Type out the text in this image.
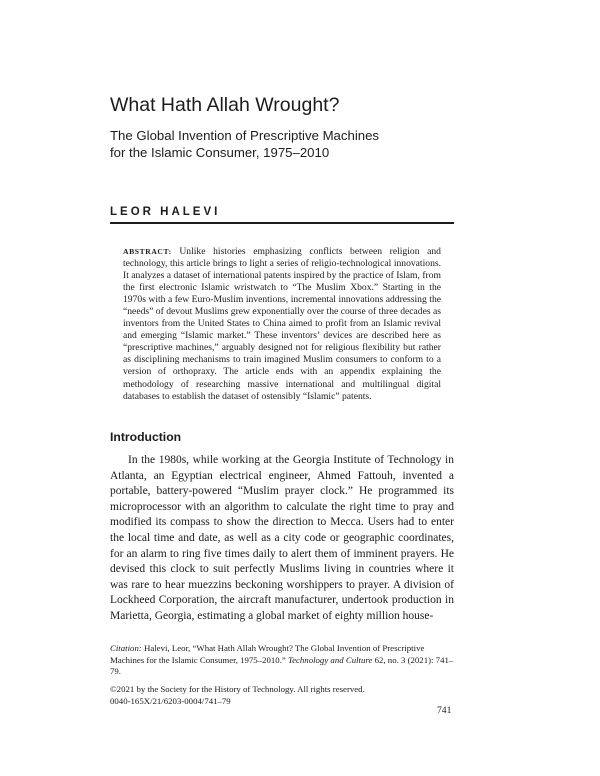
What Hath Allah Wrought?
The Global Invention of Prescriptive Machines
for the Islamic Consumer, 1975–2010
LEOR HALEVI

ABSTRACT: Unlike histories emphasizing conflicts between religion and technology, this article brings to light a series of religio-technological innovations. It analyzes a dataset of international patents inspired by the practice of Islam, from the first electronic Islamic wristwatch to “The Muslim Xbox.” Starting in the 1970s with a few Euro-Muslim inventions, incremental innovations addressing the “needs” of devout Muslims grew exponentially over the course of three decades as inventors from the United States to China aimed to profit from an Islamic revival and emerging “Islamic market.” These inventors’ devices are described here as “prescriptive machines,” arguably designed not for religious flexibility but rather as disciplining mechanisms to train imagined Muslim consumers to conform to a version of orthopraxy. The article ends with an appendix explaining the methodology of researching massive international and multilingual digital databases to establish the dataset of ostensibly “Islamic” patents.

Introduction

In the 1980s, while working at the Georgia Institute of Technology in Atlanta, an Egyptian electrical engineer, Ahmed Fattouh, invented a portable, battery-powered “Muslim prayer clock.” He programmed its microprocessor with an algorithm to calculate the right time to pray and modified its compass to show the direction to Mecca. Users had to enter the local time and date, as well as a city code or geographic coordinates, for an alarm to ring five times daily to alert them of imminent prayers. He devised this clock to suit perfectly Muslims living in countries where it was rare to hear muezzins beckoning worshippers to prayer. A division of Lockheed Corporation, the aircraft manufacturer, undertook production in Marietta, Georgia, estimating a global market of eighty million house-

Citation: Halevi, Leor, “What Hath Allah Wrought? The Global Invention of Prescriptive Machines for the Islamic Consumer, 1975–2010.” Technology and Culture 62, no. 3 (2021): 741–79.

©2021 by the Society for the History of Technology. All rights reserved.
0040-165X/21/6203-0004/741–79
741
